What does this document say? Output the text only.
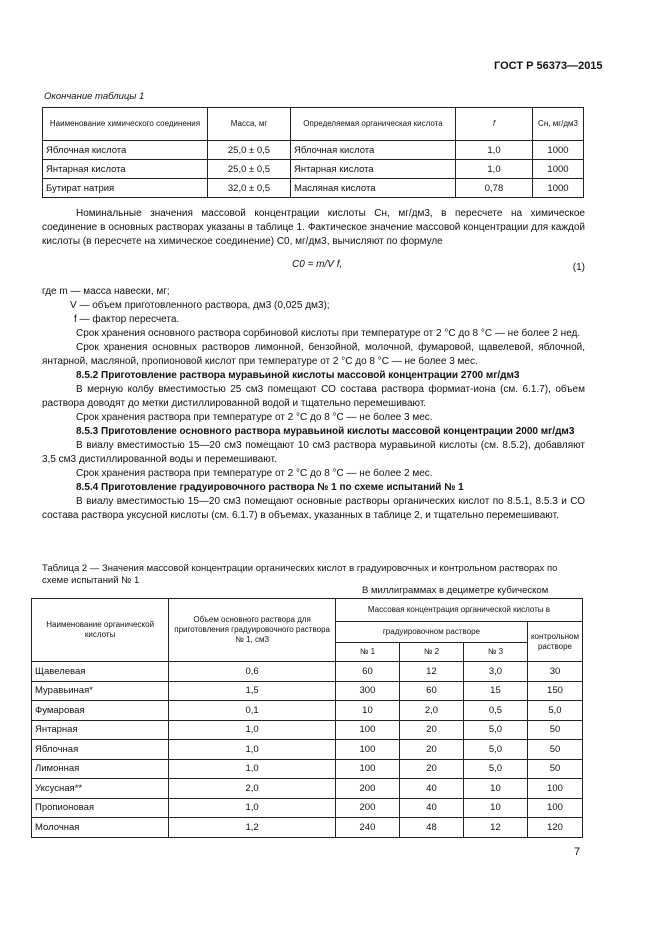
ГОСТ Р 56373—2015
Окончание таблицы 1
Наименование химического соединения	Масса, мг	Определяемая органическая кислота	f	Сн, мг/дм3
Яблочная кислота	25,0 ± 0,5	Яблочная кислота	1,0	1000
Янтарная кислота	25,0 ± 0,5	Янтарная кислота	1,0	1000
Бутират натрия	32,0 ± 0,5	Масляная кислота	0,78	1000

Номинальные значения массовой концентрации кислоты Сн, мг/дм3, в пересчете на химическое соединение в основных растворах указаны в таблице 1. Фактическое значение массовой концентрации для каждой кислоты (в пересчете на химическое соединение) С0, мг/дм3, вычисляют по формуле

C0 = m/V f,	(1)

где m — масса навески, мг;

V — объем приготовленного раствора, дм3 (0,025 дм3);

f — фактор пересчета.

Срок хранения основного раствора сорбиновой кислоты при температуре от 2 °С до 8 °С — не более 2 нед.

Срок хранения основных растворов лимонной, бензойной, молочной, фумаровой, щавелевой, яблочной, янтарной, масляной, пропионовой кислот при температуре от 2 °С до 8 °С — не более 3 мес.

8.5.2 Приготовление раствора муравьиной кислоты массовой концентрации 2700 мг/дм3

В мерную колбу вместимостью 25 см3 помещают СО состава раствора формиат-иона (см. 6.1.7), объем раствора доводят до метки дистиллированной водой и тщательно перемешивают.

Срок хранения раствора при температуре от 2 °С до 8 °С — не более 3 мес.

8.5.3 Приготовление основного раствора муравьиной кислоты массовой концентрации 2000 мг/дм3

В виалу вместимостью 15—20 см3 помещают 10 см3 раствора муравьиной кислоты (см. 8.5.2), добавляют 3,5 см3 дистиллированной воды и перемешивают.

Срок хранения раствора при температуре от 2 °С до 8 °С — не более 2 мес.

8.5.4 Приготовление градуировочного раствора № 1 по схеме испытаний № 1

В виалу вместимостью 15—20 см3 помещают основные растворы органических кислот по 8.5.1, 8.5.3 и СО состава раствора уксусной кислоты (см. 6.1.7) в объемах, указанных в таблице 2, и тщательно перемешивают.

Таблица 2 — Значения массовой концентрации органических кислот в градуировочных и контрольном растворах по схеме испытаний № 1
В миллиграммах в дециметре кубическом
Наименование органической кислоты	Объем основного раствора для приготовления градуировочного раствора № 1, см3	Массовая концентрация органической кислоты в			
		градуировочном растворе			контрольном растворе
		№ 1	№ 2	№ 3	
Щавелевая	0,6	60	12	3,0	30
Муравьиная*	1,5	300	60	15	150
Фумаровая	0,1	10	2,0	0,5	5,0
Янтарная	1,0	100	20	5,0	50
Яблочная	1,0	100	20	5,0	50
Лимонная	1,0	100	20	5,0	50
Уксусная**	2,0	200	40	10	100
Пропионовая	1,0	200	40	10	100
Молочная	1,2	240	48	12	120
7
